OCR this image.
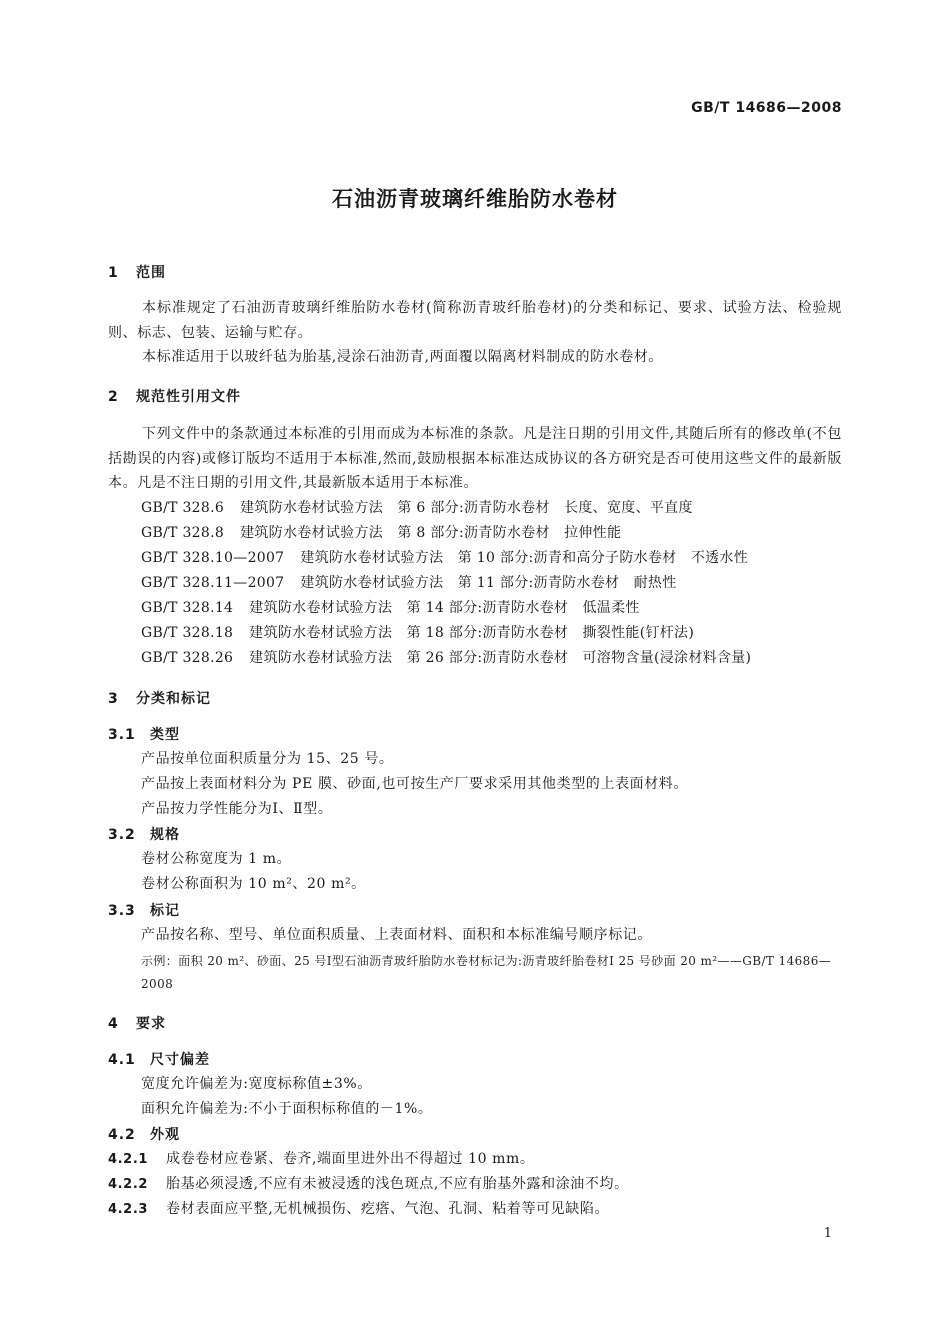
GB/T 14686—2008
石油沥青玻璃纤维胎防水卷材
1 范围
本标准规定了石油沥青玻璃纤维胎防水卷材(简称沥青玻纤胎卷材)的分类和标记、要求、试验方法、检验规则、标志、包装、运输与贮存。
本标准适用于以玻纤毡为胎基,浸涂石油沥青,两面覆以隔离材料制成的防水卷材。
2 规范性引用文件
下列文件中的条款通过本标准的引用而成为本标准的条款。凡是注日期的引用文件,其随后所有的修改单(不包括勘误的内容)或修订版均不适用于本标准,然而,鼓励根据本标准达成协议的各方研究是否可使用这些文件的最新版本。凡是不注日期的引用文件,其最新版本适用于本标准。
GB/T 328.6 建筑防水卷材试验方法　第 6 部分:沥青防水卷材　长度、宽度、平直度
GB/T 328.8 建筑防水卷材试验方法　第 8 部分:沥青防水卷材　拉伸性能
GB/T 328.10—2007 建筑防水卷材试验方法　第 10 部分:沥青和高分子防水卷材　不透水性
GB/T 328.11—2007 建筑防水卷材试验方法　第 11 部分:沥青防水卷材　耐热性
GB/T 328.14 建筑防水卷材试验方法　第 14 部分:沥青防水卷材　低温柔性
GB/T 328.18 建筑防水卷材试验方法　第 18 部分:沥青防水卷材　撕裂性能(钉杆法)
GB/T 328.26 建筑防水卷材试验方法　第 26 部分:沥青防水卷材　可溶物含量(浸涂材料含量)
3 分类和标记
3.1 类型
产品按单位面积质量分为 15、25 号。
产品按上表面材料分为 PE 膜、砂面,也可按生产厂要求采用其他类型的上表面材料。
产品按力学性能分为Ⅰ、Ⅱ型。
3.2 规格
卷材公称宽度为 1 m。
卷材公称面积为 10 m²、20 m²。
3.3 标记
产品按名称、型号、单位面积质量、上表面材料、面积和本标准编号顺序标记。
示例：面积 20 m²、砂面、25 号Ⅰ型石油沥青玻纤胎防水卷材标记为:沥青玻纤胎卷材Ⅰ 25 号砂面 20 m²——GB/T 14686—2008
4 要求
4.1 尺寸偏差
宽度允许偏差为:宽度标称值±3%。
面积允许偏差为:不小于面积标称值的－1%。
4.2 外观
4.2.1 成卷卷材应卷紧、卷齐,端面里进外出不得超过 10 mm。
4.2.2 胎基必须浸透,不应有未被浸透的浅色斑点,不应有胎基外露和涂油不均。
4.2.3 卷材表面应平整,无机械损伤、疙瘩、气泡、孔洞、粘着等可见缺陷。
1
